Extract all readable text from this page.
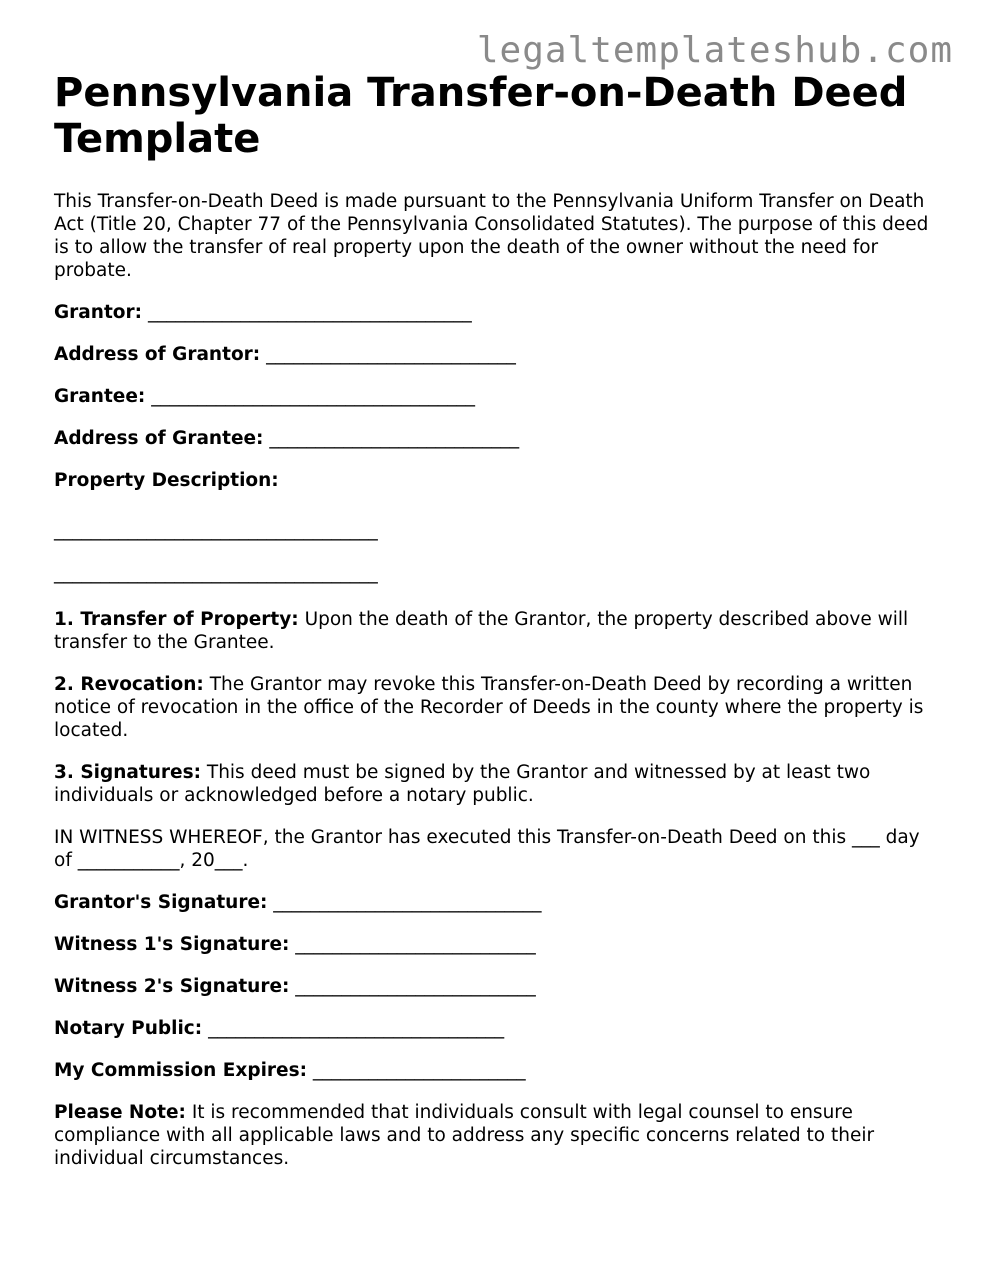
legaltemplateshub.com
Pennsylvania Transfer-on-Death Deed Template

This Transfer-on-Death Deed is made pursuant to the Pennsylvania Uniform Transfer on Death Act (Title 20, Chapter 77 of the Pennsylvania Consolidated Statutes). The purpose of this deed is to allow the transfer of real property upon the death of the owner without the need for probate.

Grantor: ___________________________________

Address of Grantor: ___________________________

Grantee: ___________________________________

Address of Grantee: ___________________________

Property Description:

___________________________________

___________________________________

1. Transfer of Property: Upon the death of the Grantor, the property described above will transfer to the Grantee.

2. Revocation: The Grantor may revoke this Transfer-on-Death Deed by recording a written notice of revocation in the office of the Recorder of Deeds in the county where the property is located.

3. Signatures: This deed must be signed by the Grantor and witnessed by at least two individuals or acknowledged before a notary public.

IN WITNESS WHEREOF, the Grantor has executed this Transfer-on-Death Deed on this ___ day of ___________, 20___.

Grantor's Signature: _____________________________

Witness 1's Signature: __________________________

Witness 2's Signature: __________________________

Notary Public: ________________________________

My Commission Expires: _______________________

Please Note: It is recommended that individuals consult with legal counsel to ensure compliance with all applicable laws and to address any specific concerns related to their individual circumstances.
